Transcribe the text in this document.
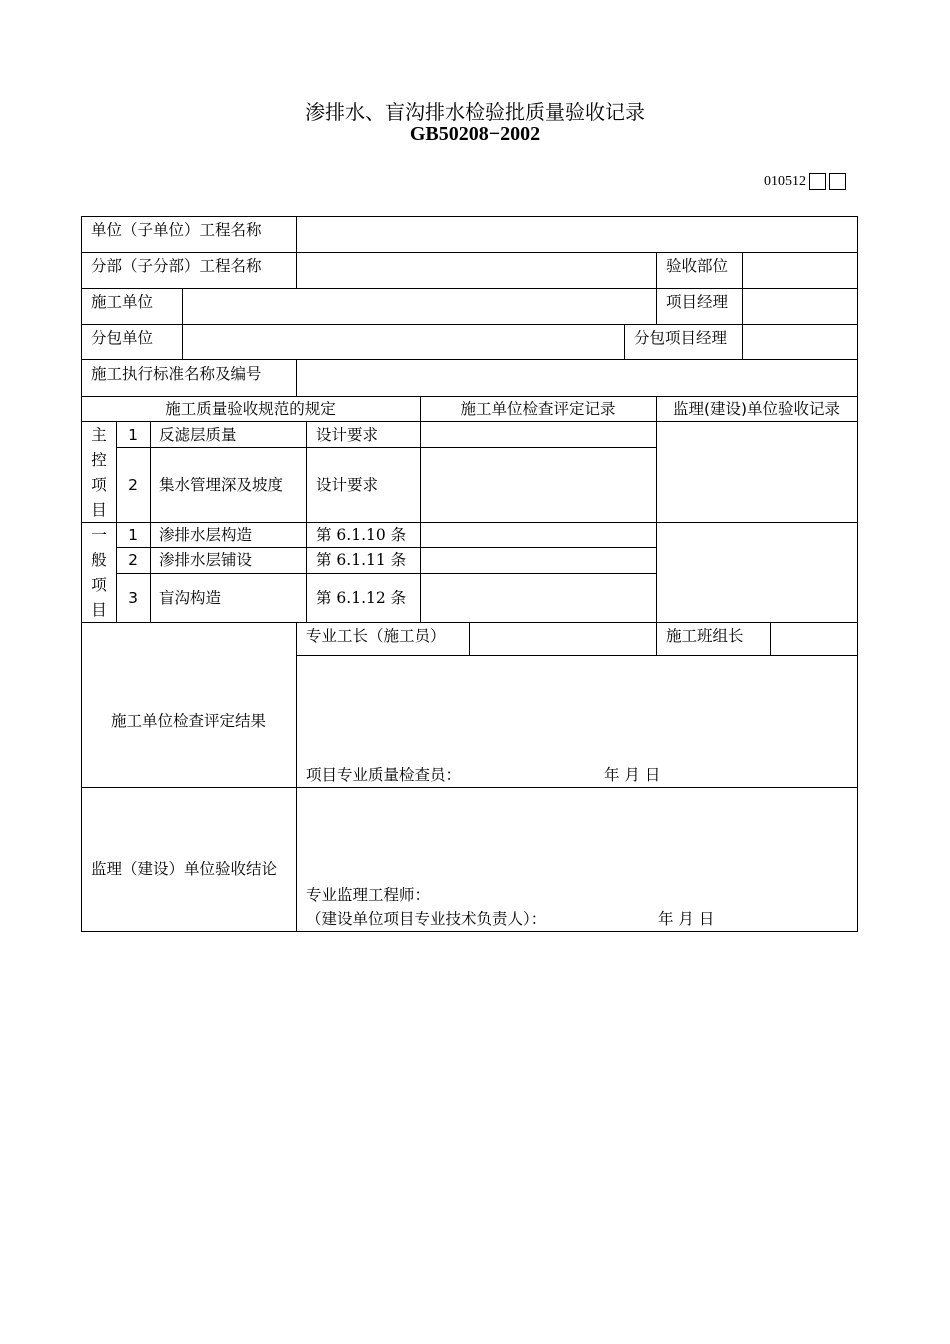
渗排水、盲沟排水检验批质量验收记录
GB50208−2002
010512
单位（子单位）工程名称
分部（子分部）工程名称	验收部位
施工单位	项目经理
分包单位	分包项目经理
施工执行标准名称及编号
施工质量验收规范的规定	施工单位检查评定记录	监理(建设)单位验收记录
主
控
项
目
1	反滤层质量	设计要求
2	集水管埋深及坡度 设计要求
一
般
项
目
1	渗排水层构造	第 6.1.10 条
2	渗排水层铺设	第 6.1.11 条
3	盲沟构造	第 6.1.12 条
施工单位检查评定结果
专业工长（施工员）	施工班组长
项目专业质量检查员：	年 月 日
监理（建设）单位验收结论
专业监理工程师：
（建设单位项目专业技术负责人）：	年 月 日
